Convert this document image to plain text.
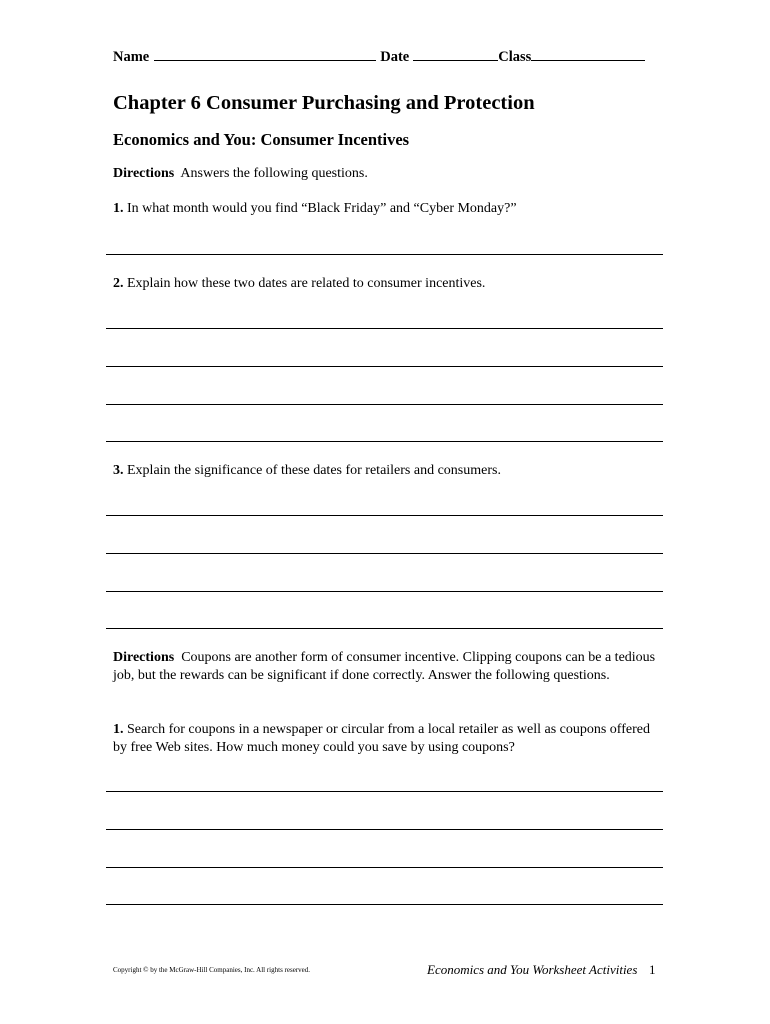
Name	Date	Class
Chapter 6 Consumer Purchasing and Protection
Economics and You: Consumer Incentives
Directions Answers the following questions.
1. In what month would you find “Black Friday” and “Cyber Monday?”
2. Explain how these two dates are related to consumer incentives.
3. Explain the significance of these dates for retailers and consumers.
Directions Coupons are another form of consumer incentive. Clipping coupons can be a tedious job, but the rewards can be significant if done correctly. Answer the following questions.
1. Search for coupons in a newspaper or circular from a local retailer as well as coupons offered by free Web sites. How much money could you save by using coupons?
Copyright © by the McGraw-Hill Companies, Inc. All rights reserved.	Economics and You Worksheet Activities 1
